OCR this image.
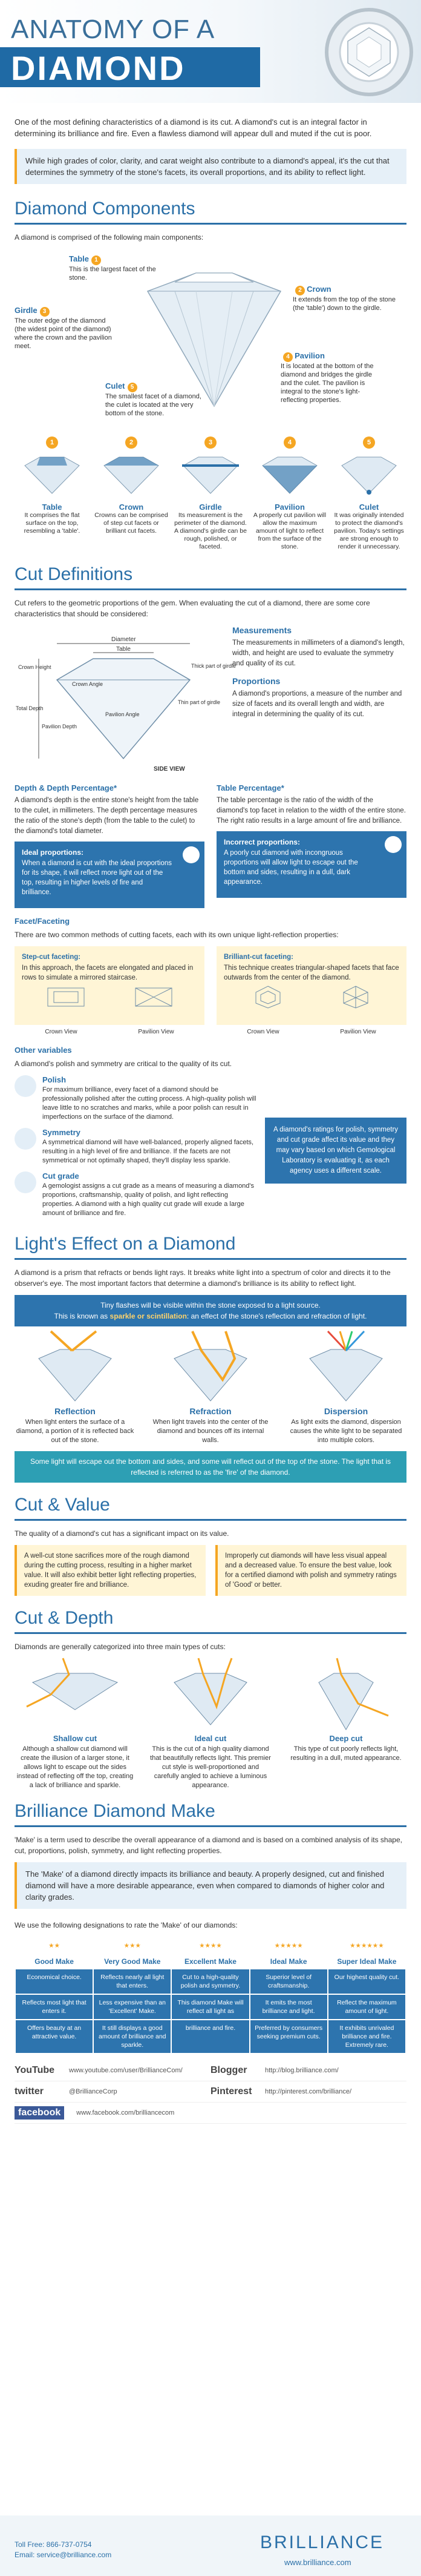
ANATOMY OF A
DIAMOND
One of the most defining characteristics of a diamond is its cut. A diamond's cut is an integral factor in determining its brilliance and fire. Even a flawless diamond will appear dull and muted if the cut is poor.
While high grades of color, clarity, and carat weight also contribute to a diamond's appeal, it's the cut that determines the symmetry of the stone's facets, its overall proportions, and its ability to reflect light.
Diamond Components
A diamond is comprised of the following main components:
Table 1
This is the largest facet of the stone.
2 Crown
It extends from the top of the stone (the 'table') down to the girdle.
Girdle 3
The outer edge of the diamond (the widest point of the diamond) where the crown and the pavilion meet.
4 Pavilion
It is located at the bottom of the diamond and bridges the girdle and the culet. The pavilion is integral to the stone's light-reflecting properties.
Culet 5
The smallest facet of a diamond, the culet is located at the very bottom of the stone.
1
Table
It comprises the flat surface on the top, resembling a 'table'.
2
Crown
Crowns can be comprised of step cut facets or brilliant cut facets.
3
Girdle
Its measurement is the perimeter of the diamond. A diamond's girdle can be rough, polished, or faceted.
4
Pavilion
A properly cut pavilion will allow the maximum amount of light to reflect from the surface of the stone.
5
Culet
It was originally intended to protect the diamond's pavilion. Today's settings are strong enough to render it unnecessary.
Cut Definitions
Cut refers to the geometric proportions of the gem. When evaluating the cut of a diamond, there are some core characteristics that should be considered:
Diameter
Table
Crown Height
Crown Angle
Total Depth
Pavilion Depth
Pavilion Angle
Thick part of girdle
Thin part of girdle
SIDE VIEW
Measurements
The measurements in millimeters of a diamond's length, width, and height are used to evaluate the symmetry and quality of its cut.
Proportions
A diamond's proportions, a measure of the number and size of facets and its overall length and width, are integral in determining the quality of its cut.
Depth & Depth Percentage*
A diamond's depth is the entire stone's height from the table to the culet, in millimeters. The depth percentage measures the ratio of the stone's depth (from the table to the culet) to the diamond's total diameter.
Ideal proportions:
When a diamond is cut with the ideal proportions for its shape, it will reflect more light out of the top, resulting in higher levels of fire and brilliance.
Table Percentage*
The table percentage is the ratio of the width of the diamond's top facet in relation to the width of the entire stone. The right ratio results in a large amount of fire and brilliance.
Incorrect proportions:
A poorly cut diamond with incongruous proportions will allow light to escape out the bottom and sides, resulting in a dull, dark appearance.
Facet/Faceting
There are two common methods of cutting facets, each with its own unique light-reflection properties:
Step-cut faceting:
In this approach, the facets are elongated and placed in rows to simulate a mirrored staircase.
Crown View	Pavilion View
Brilliant-cut faceting:
This technique creates triangular-shaped facets that face outwards from the center of the diamond.
Crown View	Pavilion View
Other variables
A diamond's polish and symmetry are critical to the quality of its cut.
Polish
For maximum brilliance, every facet of a diamond should be professionally polished after the cutting process. A high-quality polish will leave little to no scratches and marks, while a poor polish can result in imperfections on the surface of the diamond.
Symmetry
A symmetrical diamond will have well-balanced, properly aligned facets, resulting in a high level of fire and brilliance. If the facets are not symmetrical or not optimally shaped, they'll display less sparkle.
Cut grade
A gemologist assigns a cut grade as a means of measuring a diamond's proportions, craftsmanship, quality of polish, and light reflecting properties. A diamond with a high quality cut grade will exude a large amount of brilliance and fire.
A diamond's ratings for polish, symmetry and cut grade affect its value and they may vary based on which Gemological Laboratory is evaluating it, as each agency uses a different scale.
Light's Effect on a Diamond
A diamond is a prism that refracts or bends light rays. It breaks white light into a spectrum of color and directs it to the observer's eye. The most important factors that determine a diamond's brilliance is its ability to reflect light.
Tiny flashes will be visible within the stone exposed to a light source.
This is known as sparkle or scintillation: an effect of the stone's reflection and refraction of light.
Reflection
When light enters the surface of a diamond, a portion of it is reflected back out of the stone.
Refraction
When light travels into the center of the diamond and bounces off its internal walls.
Dispersion
As light exits the diamond, dispersion causes the white light to be separated into multiple colors.
Some light will escape out the bottom and sides, and some will reflect out of the top of the stone. The light that is reflected is referred to as the 'fire' of the diamond.
Cut & Value
The quality of a diamond's cut has a significant impact on its value.
A well-cut stone sacrifices more of the rough diamond during the cutting process, resulting in a higher market value. It will also exhibit better light reflecting properties, exuding greater fire and brilliance.
Improperly cut diamonds will have less visual appeal and a decreased value. To ensure the best value, look for a certified diamond with polish and symmetry ratings of 'Good' or better.
Cut & Depth
Diamonds are generally categorized into three main types of cuts:
Shallow cut
Although a shallow cut diamond will create the illusion of a larger stone, it allows light to escape out the sides instead of reflecting off the top, creating a lack of brilliance and sparkle.
Ideal cut
This is the cut of a high quality diamond that beautifully reflects light. This premier cut style is well-proportioned and carefully angled to achieve a luminous appearance.
Deep cut
This type of cut poorly reflects light, resulting in a dull, muted appearance.
Brilliance Diamond Make
'Make' is a term used to describe the overall appearance of a diamond and is based on a combined analysis of its shape, cut, proportions, polish, symmetry, and light reflecting properties.
The 'Make' of a diamond directly impacts its brilliance and beauty. A properly designed, cut and finished diamond will have a more desirable appearance, even when compared to diamonds of higher color and clarity grades.
We use the following designations to rate the 'Make' of our diamonds:
★★	★★★	★★★★	★★★★★	★★★★★★
Good Make	Very Good Make	Excellent Make	Ideal Make	Super Ideal Make
Economical choice.	Reflects nearly all light that enters.	Cut to a high-quality polish and symmetry.	Superior level of craftsmanship.	Our highest quality cut.
Reflects most light that enters it.	Less expensive than an 'Excellent' Make.	This diamond Make will reflect all light as	It emits the most brilliance and light.	Reflect the maximum amount of light.
Offers beauty at an attractive value.	It still displays a good amount of brilliance and sparkle.	brilliance and fire.	Preferred by consumers seeking premium cuts.	It exhibits unrivaled brilliance and fire. Extremely rare.
YouTube	www.youtube.com/user/BrillianceCom/	Blogger	http://blog.brilliance.com/
twitter	@BrillianceCorp	Pinterest	http://pinterest.com/brilliance/
facebook	www.facebook.com/brilliancecom
Toll Free: 866-737-0754
Email: service@brilliance.com
BRILLIANCE
www.brilliance.com
